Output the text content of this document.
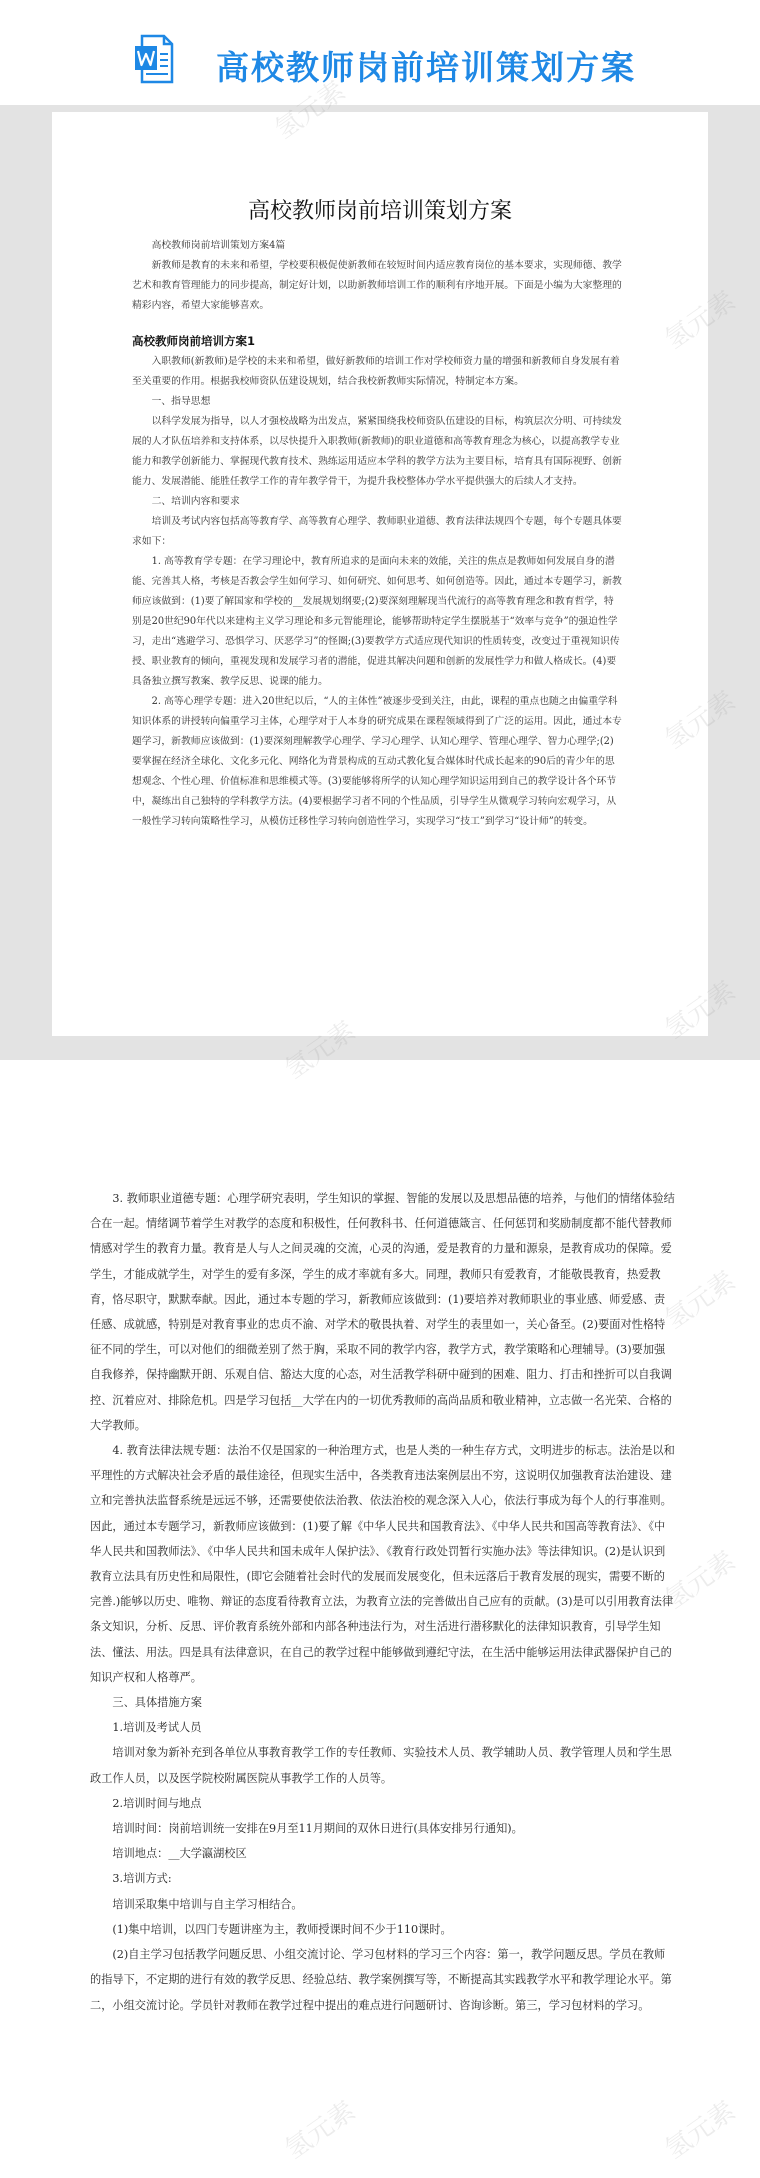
高校教师岗前培训策划方案
高校教师岗前培训策划方案

高校教师岗前培训策划方案4篇

新教师是教育的未来和希望，学校要积极促使新教师在较短时间内适应教育岗位的基本要求，实现师德、教学艺术和教育管理能力的同步提高，制定好计划，以助新教师培训工作的顺利有序地开展。下面是小编为大家整理的精彩内容，希望大家能够喜欢。

高校教师岗前培训方案1

入职教师(新教师)是学校的未来和希望，做好新教师的培训工作对学校师资力量的增强和新教师自身发展有着至关重要的作用。根据我校师资队伍建设规划，结合我校新教师实际情况，特制定本方案。

一、指导思想

以科学发展为指导，以人才强校战略为出发点，紧紧围绕我校师资队伍建设的目标，构筑层次分明、可持续发展的人才队伍培养和支持体系，以尽快提升入职教师(新教师)的职业道德和高等教育理念为核心，以提高教学专业能力和教学创新能力、掌握现代教育技术、熟练运用适应本学科的教学方法为主要目标，培育具有国际视野、创新能力、发展潜能、能胜任教学工作的青年教学骨干，为提升我校整体办学水平提供强大的后续人才支持。

二、培训内容和要求

培训及考试内容包括高等教育学、高等教育心理学、教师职业道德、教育法律法规四个专题，每个专题具体要求如下：

1. 高等教育学专题：在学习理论中，教育所追求的是面向未来的效能，关注的焦点是教师如何发展自身的潜能、完善其人格，考核是否教会学生如何学习、如何研究、如何思考、如何创造等。因此，通过本专题学习，新教师应该做到：(1)要了解国家和学校的__发展规划纲要;(2)要深刻理解现当代流行的高等教育理念和教育哲学，特别是20世纪90年代以来建构主义学习理论和多元智能理论，能够帮助特定学生摆脱基于“效率与竞争”的强迫性学习，走出“逃避学习、恐惧学习、厌恶学习”的怪圈;(3)要教学方式适应现代知识的性质转变，改变过于重视知识传授、职业教育的倾向，重视发现和发展学习者的潜能，促进其解决问题和创新的发展性学力和做人格成长。(4)要具备独立撰写教案、教学反思、说课的能力。

2. 高等心理学专题：进入20世纪以后，“人的主体性”被逐步受到关注，由此，课程的重点也随之由偏重学科知识体系的讲授转向偏重学习主体，心理学对于人本身的研究成果在课程领域得到了广泛的运用。因此，通过本专题学习，新教师应该做到：(1)要深刻理解教学心理学、学习心理学、认知心理学、管理心理学、智力心理学;(2)要掌握在经济全球化、文化多元化、网络化为背景构成的互动式教化复合媒体时代成长起来的90后的青少年的思想观念、个性心理、价值标准和思维模式等。(3)要能够将所学的认知心理学知识运用到自己的教学设计各个环节中，凝练出自己独特的学科教学方法。(4)要根据学习者不同的个性品质，引导学生从微观学习转向宏观学习，从一般性学习转向策略性学习，从模仿迁移性学习转向创造性学习，实现学习“技工”到学习“设计师”的转变。

氢元素
氢元素

3. 教师职业道德专题：心理学研究表明，学生知识的掌握、智能的发展以及思想品德的培养，与他们的情绪体验结合在一起。情绪调节着学生对教学的态度和积极性，任何教科书、任何道德箴言、任何惩罚和奖励制度都不能代替教师情感对学生的教育力量。教育是人与人之间灵魂的交流，心灵的沟通，爱是教育的力量和源泉，是教育成功的保障。爱学生，才能成就学生，对学生的爱有多深，学生的成才率就有多大。同理，教师只有爱教育，才能敬畏教育，热爱教育，恪尽职守，默默奉献。因此，通过本专题的学习，新教师应该做到：(1)要培养对教师职业的事业感、师爱感、责任感、成就感，特别是对教育事业的忠贞不渝、对学术的敬畏执着、对学生的表里如一，关心备至。(2)要面对性格特征不同的学生，可以对他们的细微差别了然于胸，采取不同的教学内容，教学方式，教学策略和心理辅导。(3)要加强自我修养，保持幽默开朗、乐观自信、豁达大度的心态，对生活教学科研中碰到的困难、阻力、打击和挫折可以自我调控、沉着应对、排除危机。四是学习包括__大学在内的一切优秀教师的高尚品质和敬业精神，立志做一名光荣、合格的大学教师。

4. 教育法律法规专题：法治不仅是国家的一种治理方式，也是人类的一种生存方式，文明进步的标志。法治是以和平理性的方式解决社会矛盾的最佳途径，但现实生活中，各类教育违法案例层出不穷，这说明仅加强教育法治建设、建立和完善执法监督系统是远远不够，还需要使依法治教、依法治校的观念深入人心，依法行事成为每个人的行事准则。因此，通过本专题学习，新教师应该做到：(1)要了解《中华人民共和国教育法》、《中华人民共和国高等教育法》、《中华人民共和国教师法》、《中华人民共和国未成年人保护法》、《教育行政处罚暂行实施办法》等法律知识。(2)是认识到教育立法具有历史性和局限性，(即它会随着社会时代的发展而发展变化，但未远落后于教育发展的现实，需要不断的完善.)能够以历史、唯物、辩证的态度看待教育立法，为教育立法的完善做出自己应有的贡献。(3)是可以引用教育法律条文知识，分析、反思、评价教育系统外部和内部各种违法行为，对生活进行潜移默化的法律知识教育，引导学生知法、懂法、用法。四是具有法律意识，在自己的教学过程中能够做到遵纪守法，在生活中能够运用法律武器保护自己的知识产权和人格尊严。

三、具体措施方案

1.培训及考试人员

培训对象为新补充到各单位从事教育教学工作的专任教师、实验技术人员、教学辅助人员、教学管理人员和学生思政工作人员，以及医学院校附属医院从事教学工作的人员等。

2.培训时间与地点

培训时间：岗前培训统一安排在9月至11月期间的双休日进行(具体安排另行通知)。

培训地点：__大学瀛湖校区

3.培训方式:

培训采取集中培训与自主学习相结合。

(1)集中培训，以四门专题讲座为主，教师授课时间不少于110课时。

(2)自主学习包括教学问题反思、小组交流讨论、学习包材料的学习三个内容：第一，教学问题反思。学员在教师的指导下，不定期的进行有效的教学反思、经验总结、教学案例撰写等，不断提高其实践教学水平和教学理论水平。第二，小组交流讨论。学员针对教师在教学过程中提出的难点进行问题研讨、咨询诊断。第三，学习包材料的学习。

氢元素
氢元素
氢元素	氢元素
